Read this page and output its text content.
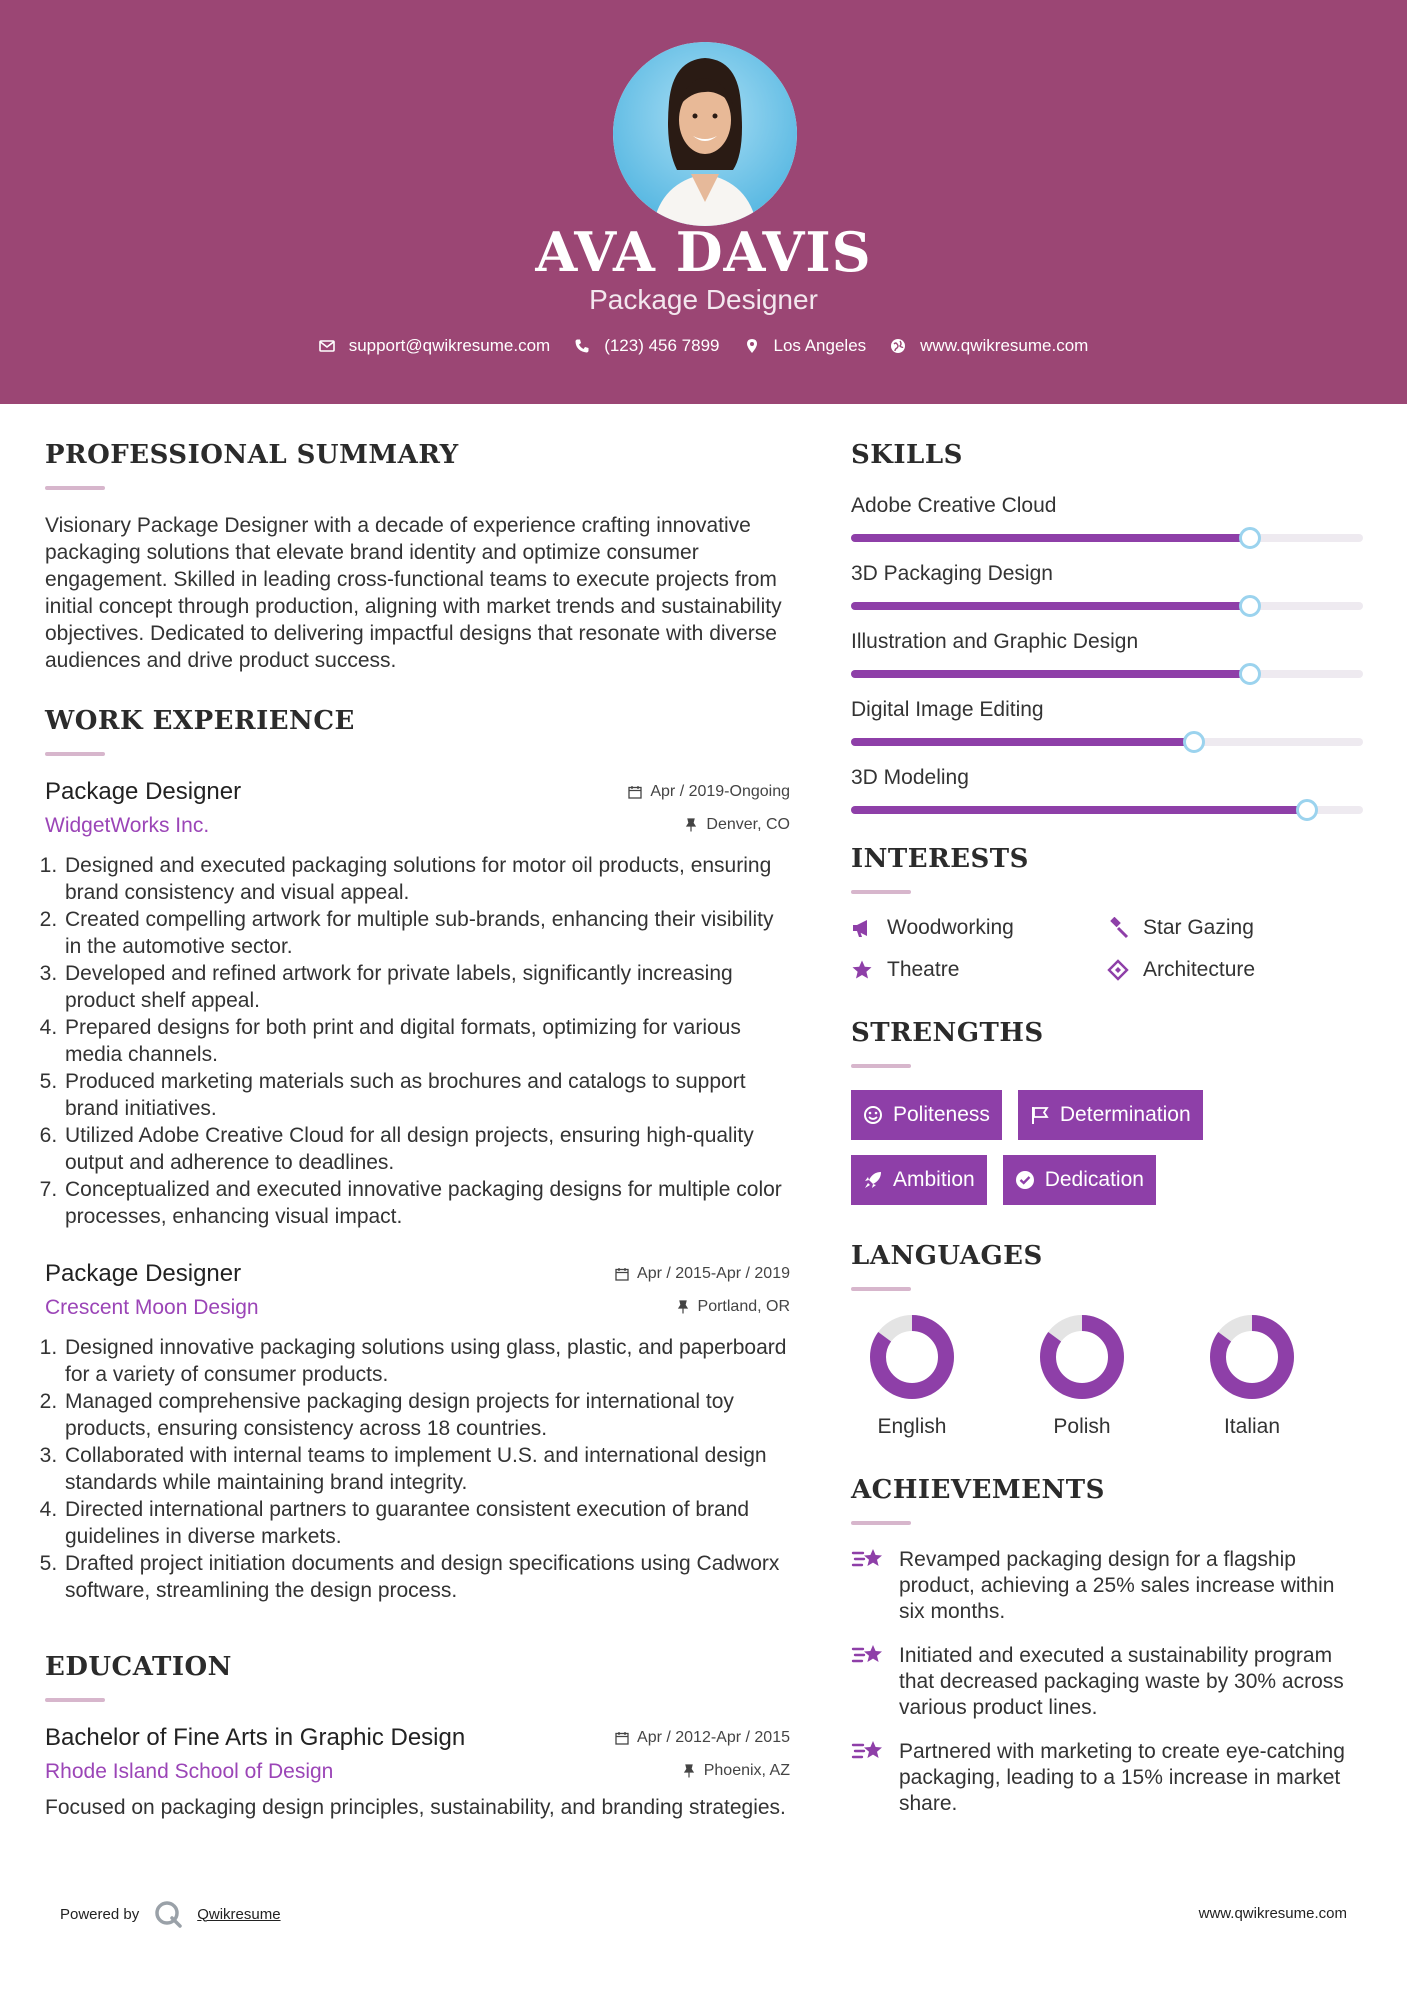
AVA DAVIS
Package Designer
support@qwikresume.com	(123) 456 7899	Los Angeles	www.qwikresume.com
PROFESSIONAL SUMMARY

Visionary Package Designer with a decade of experience crafting innovative packaging solutions that elevate brand identity and optimize consumer engagement. Skilled in leading cross-functional teams to execute projects from initial concept through production, aligning with market trends and sustainability objectives. Dedicated to delivering impactful designs that resonate with diverse audiences and drive product success.

WORK EXPERIENCE
Package Designer	Apr / 2019-Ongoing
WidgetWorks Inc.	Denver, CO
1. Designed and executed packaging solutions for motor oil products, ensuring brand consistency and visual appeal.
2. Created compelling artwork for multiple sub-brands, enhancing their visibility in the automotive sector.
3. Developed and refined artwork for private labels, significantly increasing product shelf appeal.
4. Prepared designs for both print and digital formats, optimizing for various media channels.
5. Produced marketing materials such as brochures and catalogs to support brand initiatives.
6. Utilized Adobe Creative Cloud for all design projects, ensuring high-quality output and adherence to deadlines.
7. Conceptualized and executed innovative packaging designs for multiple color processes, enhancing visual impact.
Package Designer	Apr / 2015-Apr / 2019
Crescent Moon Design	Portland, OR
1. Designed innovative packaging solutions using glass, plastic, and paperboard for a variety of consumer products.
2. Managed comprehensive packaging design projects for international toy products, ensuring consistency across 18 countries.
3. Collaborated with internal teams to implement U.S. and international design standards while maintaining brand integrity.
4. Directed international partners to guarantee consistent execution of brand guidelines in diverse markets.
5. Drafted project initiation documents and design specifications using Cadworx software, streamlining the design process.
EDUCATION
Bachelor of Fine Arts in Graphic Design	Apr / 2012-Apr / 2015
Rhode Island School of Design	Phoenix, AZ

Focused on packaging design principles, sustainability, and branding strategies.

SKILLS
Adobe Creative Cloud
3D Packaging Design
Illustration and Graphic Design
Digital Image Editing
3D Modeling
INTERESTS
Woodworking	Star Gazing
Theatre	Architecture
STRENGTHS
Politeness	Determination
Ambition	Dedication
LANGUAGES
English	Polish	Italian
ACHIEVEMENTS
Revamped packaging design for a flagship product, achieving a 25% sales increase within six months.
Initiated and executed a sustainability program that decreased packaging waste by 30% across various product lines.
Partnered with marketing to create eye-catching packaging, leading to a 15% increase in market share.
Powered by	Qwikresume	www.qwikresume.com
